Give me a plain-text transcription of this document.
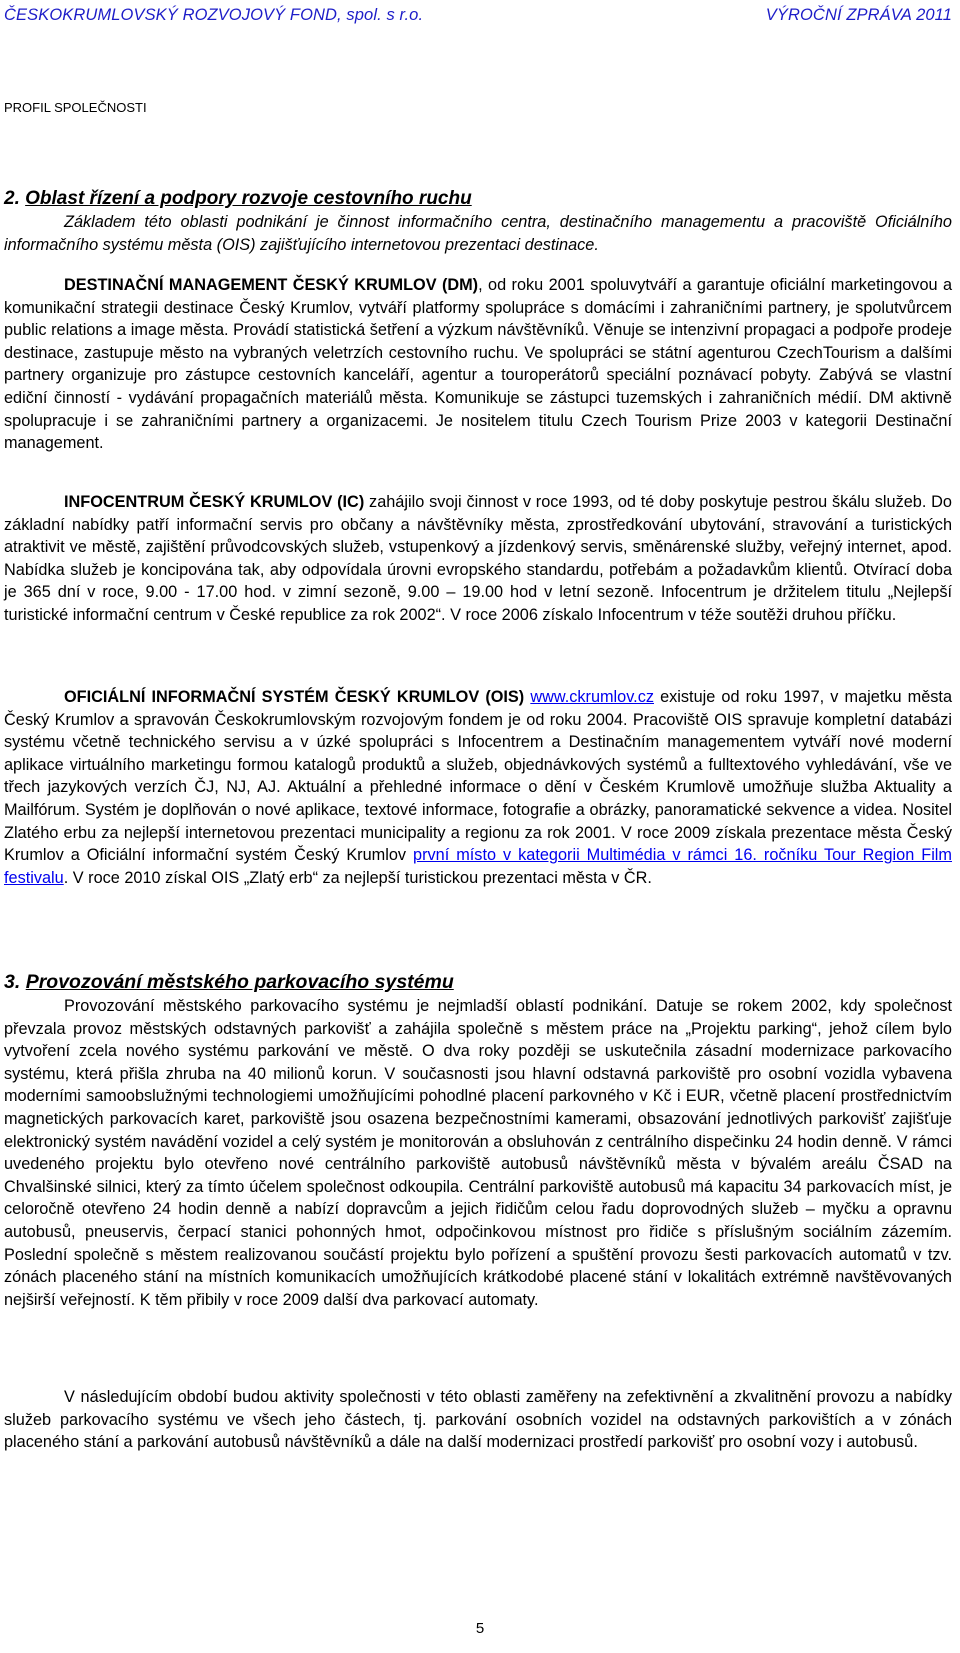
ČESKOKRUMLOVSKÝ ROZVOJOVÝ FOND, spol. s r.o.	VÝROČNÍ ZPRÁVA 2011
PROFIL SPOLEČNOSTI

2. Oblast řízení a podpory rozvoje cestovního ruchu

Základem této oblasti podnikání je činnost informačního centra, destinačního managementu a pracoviště Oficiálního informačního systému města (OIS) zajišťujícího internetovou prezentaci destinace.

DESTINAČNÍ MANAGEMENT ČESKÝ KRUMLOV (DM), od roku 2001 spoluvytváří a garantuje oficiální marketingovou a komunikační strategii destinace Český Krumlov, vytváří platformy spolupráce s domácími i zahraničními partnery, je spolutvůrcem public relations a image města. Provádí statistická šetření a výzkum návštěvníků. Věnuje se intenzivní propagaci a podpoře prodeje destinace, zastupuje město na vybraných veletrzích cestovního ruchu. Ve spolupráci se státní agenturou CzechTourism a dalšími partnery organizuje pro zástupce cestovních kanceláří, agentur a touroperátorů speciální poznávací pobyty. Zabývá se vlastní ediční činností - vydávání propagačních materiálů města. Komunikuje se zástupci tuzemských i zahraničních médií. DM aktivně spolupracuje i se zahraničními partnery a organizacemi. Je nositelem titulu Czech Tourism Prize 2003 v kategorii Destinační management.

INFOCENTRUM ČESKÝ KRUMLOV (IC) zahájilo svoji činnost v roce 1993, od té doby poskytuje pestrou škálu služeb. Do základní nabídky patří informační servis pro občany a návštěvníky města, zprostředkování ubytování, stravování a turistických atraktivit ve městě, zajištění průvodcovských služeb, vstupenkový a jízdenkový servis, směnárenské služby, veřejný internet, apod. Nabídka služeb je koncipována tak, aby odpovídala úrovni evropského standardu, potřebám a požadavkům klientů. Otvírací doba je 365 dní v roce, 9.00 - 17.00 hod. v zimní sezoně, 9.00 – 19.00 hod v letní sezoně. Infocentrum je držitelem titulu „Nejlepší turistické informační centrum v České republice za rok 2002“. V roce 2006 získalo Infocentrum v téže soutěži druhou příčku.

OFICIÁLNÍ INFORMAČNÍ SYSTÉM ČESKÝ KRUMLOV (OIS) www.ckrumlov.cz existuje od roku 1997, v majetku města Český Krumlov a spravován Českokrumlovským rozvojovým fondem je od roku 2004. Pracoviště OIS spravuje kompletní databázi systému včetně technického servisu a v úzké spolupráci s Infocentrem a Destinačním managementem vytváří nové moderní aplikace virtuálního marketingu formou katalogů produktů a služeb, objednávkových systémů a fulltextového vyhledávání, vše ve třech jazykových verzích ČJ, NJ, AJ. Aktuální a přehledné informace o dění v Českém Krumlově umožňuje služba Aktuality a Mailfórum. Systém je doplňován o nové aplikace, textové informace, fotografie a obrázky, panoramatické sekvence a videa. Nositel Zlatého erbu za nejlepší internetovou prezentaci municipality a regionu za rok 2001. V roce 2009 získala prezentace města Český Krumlov a Oficiální informační systém Český Krumlov první místo v kategorii Multimédia v rámci 16. ročníku Tour Region Film festivalu. V roce 2010 získal OIS „Zlatý erb“ za nejlepší turistickou prezentaci města v ČR.

3. Provozování městského parkovacího systému

Provozování městského parkovacího systému je nejmladší oblastí podnikání. Datuje se rokem 2002, kdy společnost převzala provoz městských odstavných parkovišť a zahájila společně s městem práce na „Projektu parking“, jehož cílem bylo vytvoření zcela nového systému parkování ve městě. O dva roky později se uskutečnila zásadní modernizace parkovacího systému, která přišla zhruba na 40 milionů korun. V současnosti jsou hlavní odstavná parkoviště pro osobní vozidla vybavena moderními samoobslužnými technologiemi umožňujícími pohodlné placení parkovného v Kč i EUR, včetně placení prostřednictvím magnetických parkovacích karet, parkoviště jsou osazena bezpečnostními kamerami, obsazování jednotlivých parkovišť zajišťuje elektronický systém navádění vozidel a celý systém je monitorován a obsluhován z centrálního dispečinku 24 hodin denně. V rámci uvedeného projektu bylo otevřeno nové centrálního parkoviště autobusů návštěvníků města v bývalém areálu ČSAD na Chvalšinské silnici, který za tímto účelem společnost odkoupila. Centrální parkoviště autobusů má kapacitu 34 parkovacích míst, je celoročně otevřeno 24 hodin denně a nabízí dopravcům a jejich řidičům celou řadu doprovodných služeb – myčku a opravnu autobusů, pneuservis, čerpací stanici pohonných hmot, odpočinkovou místnost pro řidiče s příslušným sociálním zázemím. Poslední společně s městem realizovanou součástí projektu bylo pořízení a spuštění provozu šesti parkovacích automatů v tzv. zónách placeného stání na místních komunikacích umožňujících krátkodobé placené stání v lokalitách extrémně navštěvovaných nejširší veřejností. K těm přibily v roce 2009 další dva parkovací automaty.

V následujícím období budou aktivity společnosti v této oblasti zaměřeny na zefektivnění a zkvalitnění provozu a nabídky služeb parkovacího systému ve všech jeho částech, tj. parkování osobních vozidel na odstavných parkovištích a v zónách placeného stání a parkování autobusů návštěvníků a dále na další modernizaci prostředí parkovišť pro osobní vozy i autobusů.

5
